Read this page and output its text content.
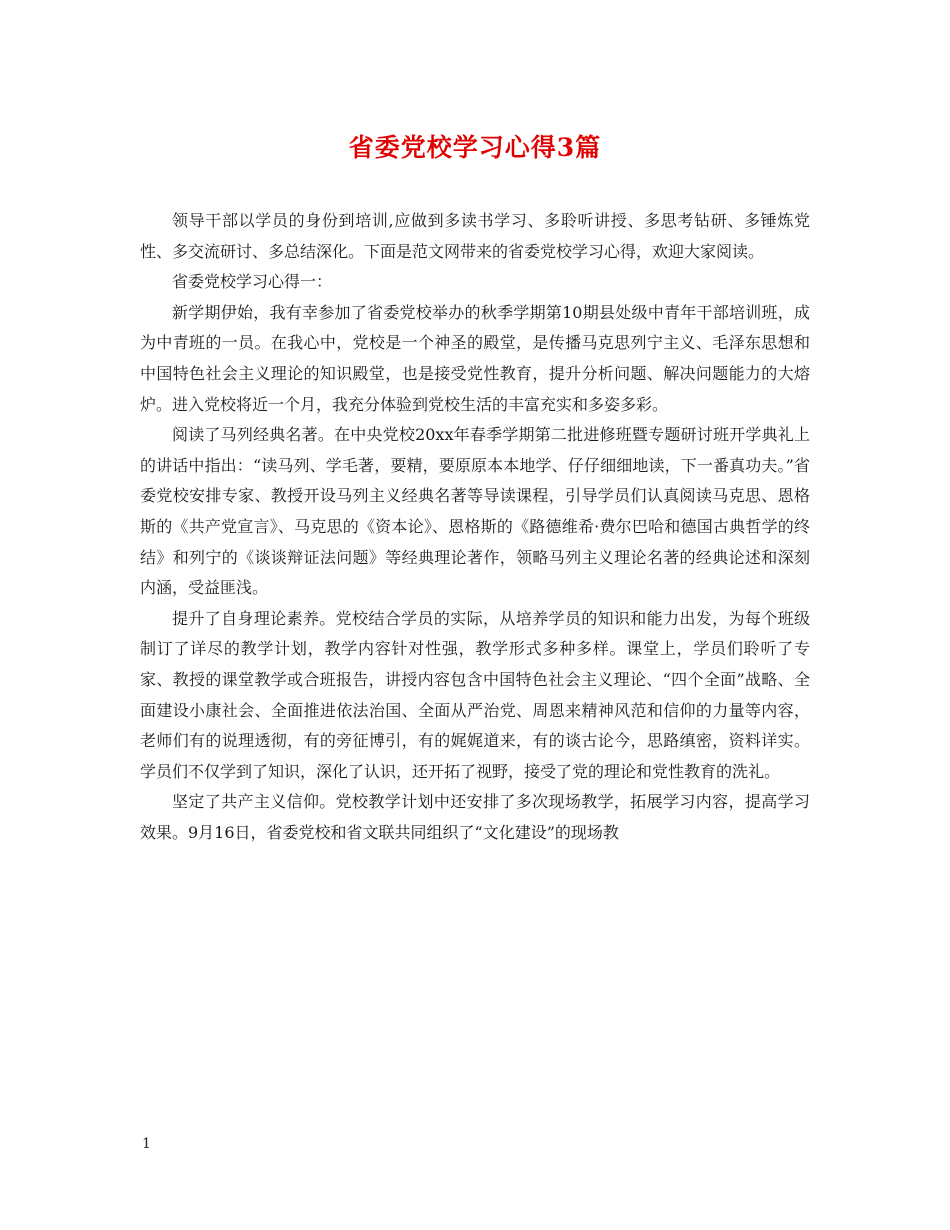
省委党校学习心得3篇

领导干部以学员的身份到培训,应做到多读书学习、多聆听讲授、多思考钻研、多锤炼党性、多交流研讨、多总结深化。下面是范文网带来的省委党校学习心得，欢迎大家阅读。

省委党校学习心得一：

新学期伊始，我有幸参加了省委党校举办的秋季学期第10期县处级中青年干部培训班，成为中青班的一员。在我心中，党校是一个神圣的殿堂，是传播马克思列宁主义、毛泽东思想和中国特色社会主义理论的知识殿堂，也是接受党性教育，提升分析问题、解决问题能力的大熔炉。进入党校将近一个月，我充分体验到党校生活的丰富充实和多姿多彩。

阅读了马列经典名著。在中央党校20xx年春季学期第二批进修班暨专题研讨班开学典礼上的讲话中指出：“读马列、学毛著，要精，要原原本本地学、仔仔细细地读，下一番真功夫。”省委党校安排专家、教授开设马列主义经典名著等导读课程，引导学员们认真阅读马克思、恩格斯的《共产党宣言》、马克思的《资本论》、恩格斯的《路德维希·费尔巴哈和德国古典哲学的终结》和列宁的《谈谈辩证法问题》等经典理论著作，领略马列主义理论名著的经典论述和深刻内涵，受益匪浅。

提升了自身理论素养。党校结合学员的实际，从培养学员的知识和能力出发，为每个班级制订了详尽的教学计划，教学内容针对性强，教学形式多种多样。课堂上，学员们聆听了专家、教授的课堂教学或合班报告，讲授内容包含中国特色社会主义理论、“四个全面”战略、全面建设小康社会、全面推进依法治国、全面从严治党、周恩来精神风范和信仰的力量等内容，老师们有的说理透彻，有的旁征博引，有的娓娓道来，有的谈古论今，思路缜密，资料详实。学员们不仅学到了知识，深化了认识，还开拓了视野，接受了党的理论和党性教育的洗礼。

坚定了共产主义信仰。党校教学计划中还安排了多次现场教学，拓展学习内容，提高学习效果。9月16日，省委党校和省文联共同组织了“文化建设”的现场教

1
